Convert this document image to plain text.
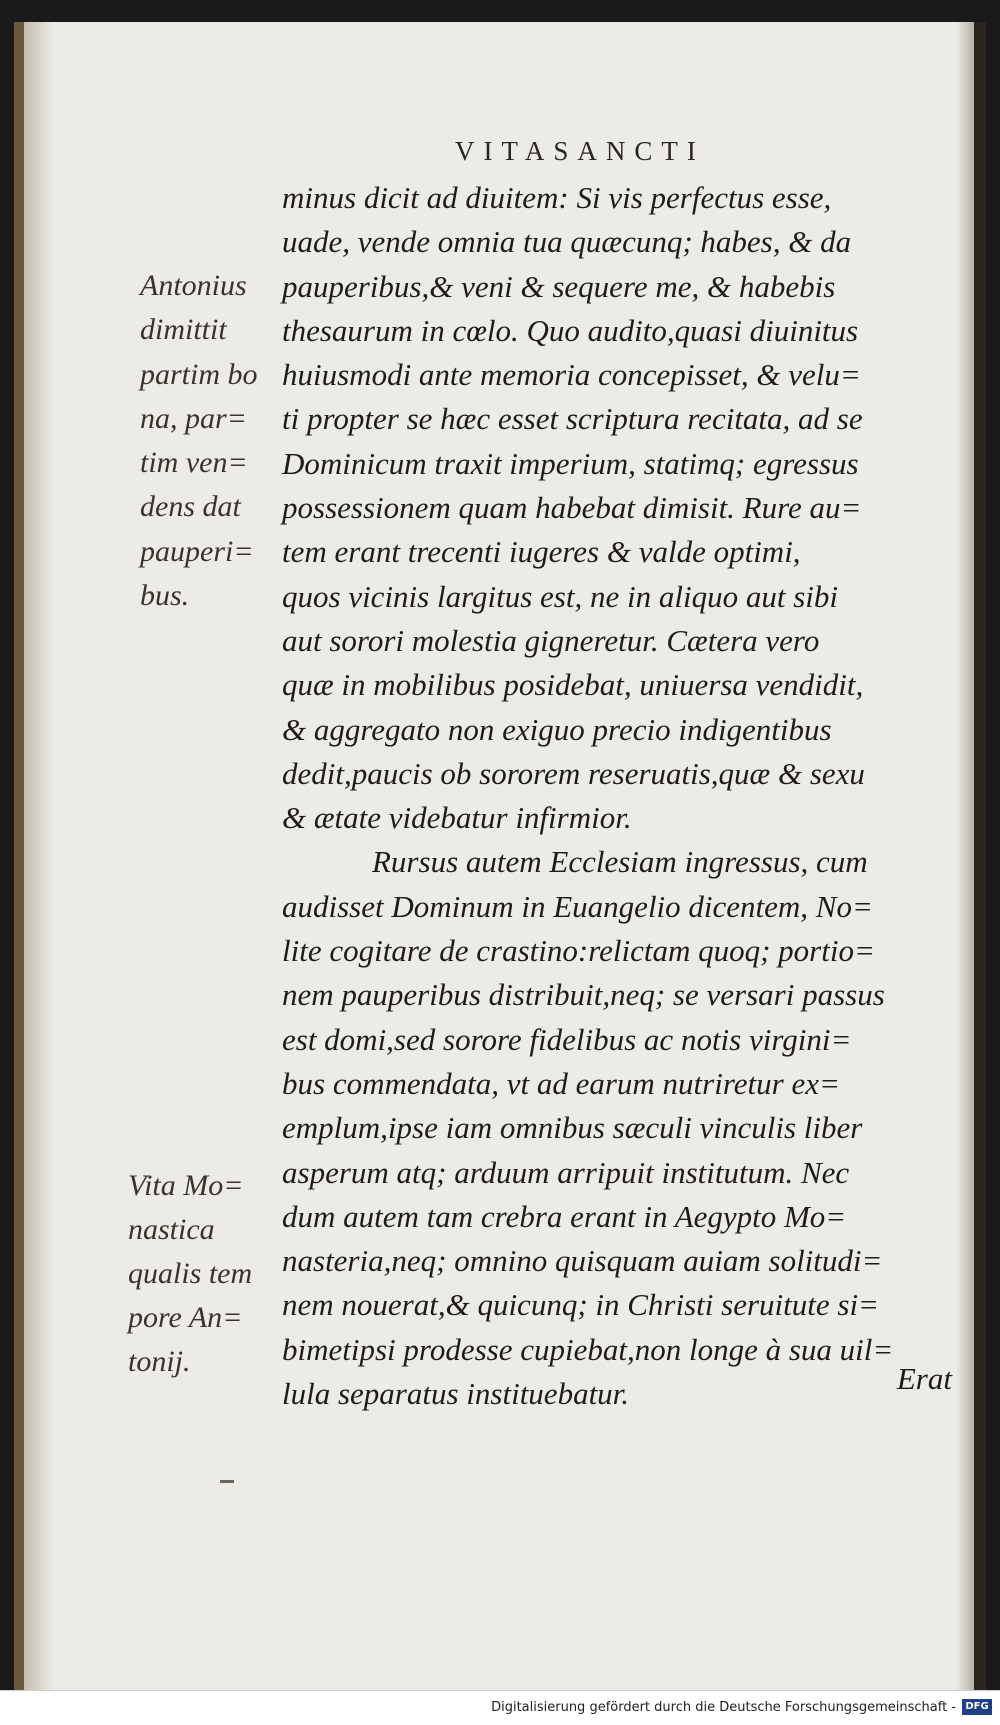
VITASANCTI
minus dicit ad diuitem: Si vis perfectus esse,
uade, vende omnia tua quæcunq; habes, & da
pauperibus,& veni & sequere me, & habebis
thesaurum in cœlo. Quo audito,quasi diuinitus
huiusmodi ante memoria concepisset, & velu=
ti propter se hæc esset scriptura recitata, ad se
Dominicum traxit imperium, statimq; egressus
possessionem quam habebat dimisit. Rure au=
tem erant trecenti iugeres & valde optimi,
quos vicinis largitus est, ne in aliquo aut sibi
aut sorori molestia gigneretur. Cætera vero
quæ in mobilibus posidebat, uniuersa vendidit,
& aggregato non exiguo precio indigentibus
dedit,paucis ob sororem reseruatis,quæ & sexu
& ætate videbatur infirmior.
Rursus autem Ecclesiam ingressus, cum
audisset Dominum in Euangelio dicentem, No=
lite cogitare de crastino:relictam quoq; portio=
nem pauperibus distribuit,neq; se versari passus
est domi,sed sorore fidelibus ac notis virgini=
bus commendata, vt ad earum nutriretur ex=
emplum,ipse iam omnibus sæculi vinculis liber
asperum atq; arduum arripuit institutum. Nec
dum autem tam crebra erant in Aegypto Mo=
nasteria,neq; omnino quisquam auiam solitudi=
nem nouerat,& quicunq; in Christi seruitute si=
bimetipsi prodesse cupiebat,non longe à sua uil=
lula separatus instituebatur.	Erat
Antonius
dimittit
partim bo
na, par=
tim ven=
dens dat
pauperi=
bus.
Vita Mo=
nastica
qualis tem
pore An=
tonij.
Digitalisierung gefördert durch die Deutsche Forschungsgemeinschaft - DFG
